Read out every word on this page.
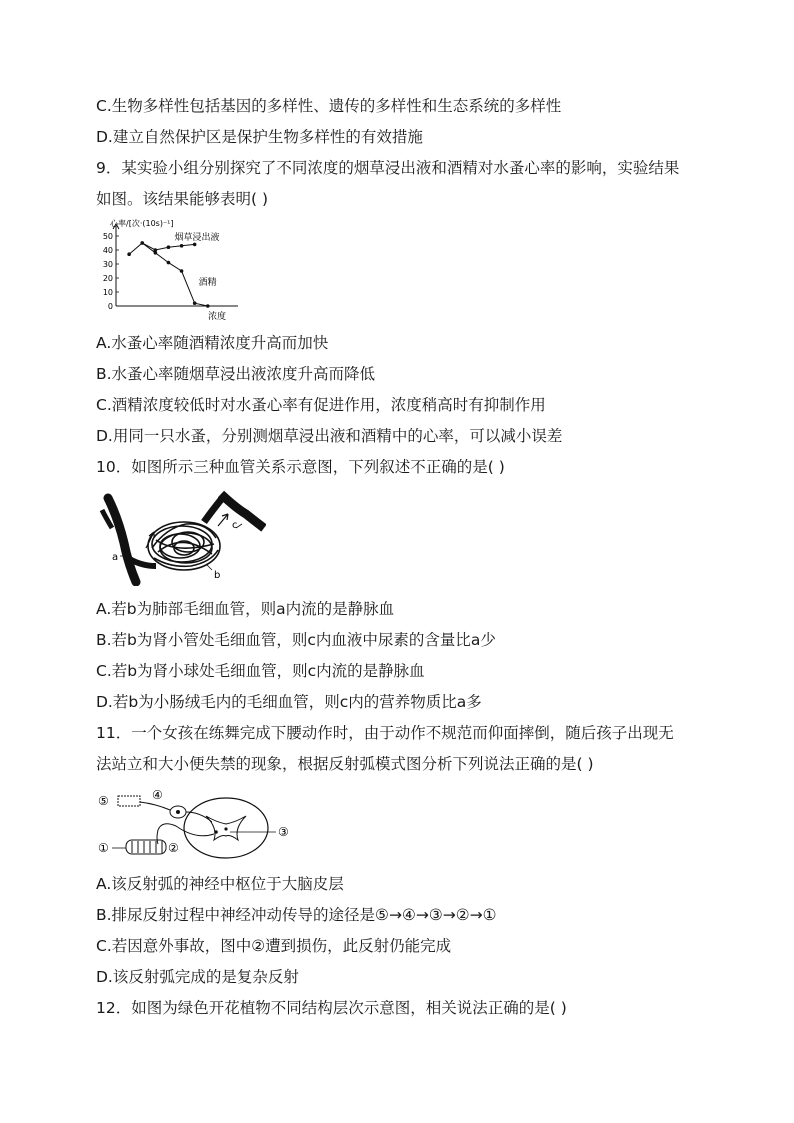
C.生物多样性包括基因的多样性、遗传的多样性和生态系统的多样性
D.建立自然保护区是保护生物多样性的有效措施
9．某实验小组分别探究了不同浓度的烟草浸出液和酒精对水蚤心率的影响，实验结果
如图。该结果能够表明( )
0
10
20
30
40
50
心率/[次·(10s)⁻¹]
浓度
烟草浸出液
酒精
A.水蚤心率随酒精浓度升高而加快
B.水蚤心率随烟草浸出液浓度升高而降低
C.酒精浓度较低时对水蚤心率有促进作用，浓度稍高时有抑制作用
D.用同一只水蚤，分别测烟草浸出液和酒精中的心率，可以减小误差
10．如图所示三种血管关系示意图，下列叙述不正确的是( )
a
b
c
A.若b为肺部毛细血管，则a内流的是静脉血
B.若b为肾小管处毛细血管，则c内血液中尿素的含量比a少
C.若b为肾小球处毛细血管，则c内流的是静脉血
D.若b为小肠绒毛内的毛细血管，则c内的营养物质比a多
11．一个女孩在练舞完成下腰动作时，由于动作不规范而仰面摔倒，随后孩子出现无
法站立和大小便失禁的现象，根据反射弧模式图分析下列说法正确的是( )
⑤	④
③
②
①
A.该反射弧的神经中枢位于大脑皮层
B.排尿反射过程中神经冲动传导的途径是⑤→④→③→②→①
C.若因意外事故，图中②遭到损伤，此反射仍能完成
D.该反射弧完成的是复杂反射
12．如图为绿色开花植物不同结构层次示意图，相关说法正确的是( )
